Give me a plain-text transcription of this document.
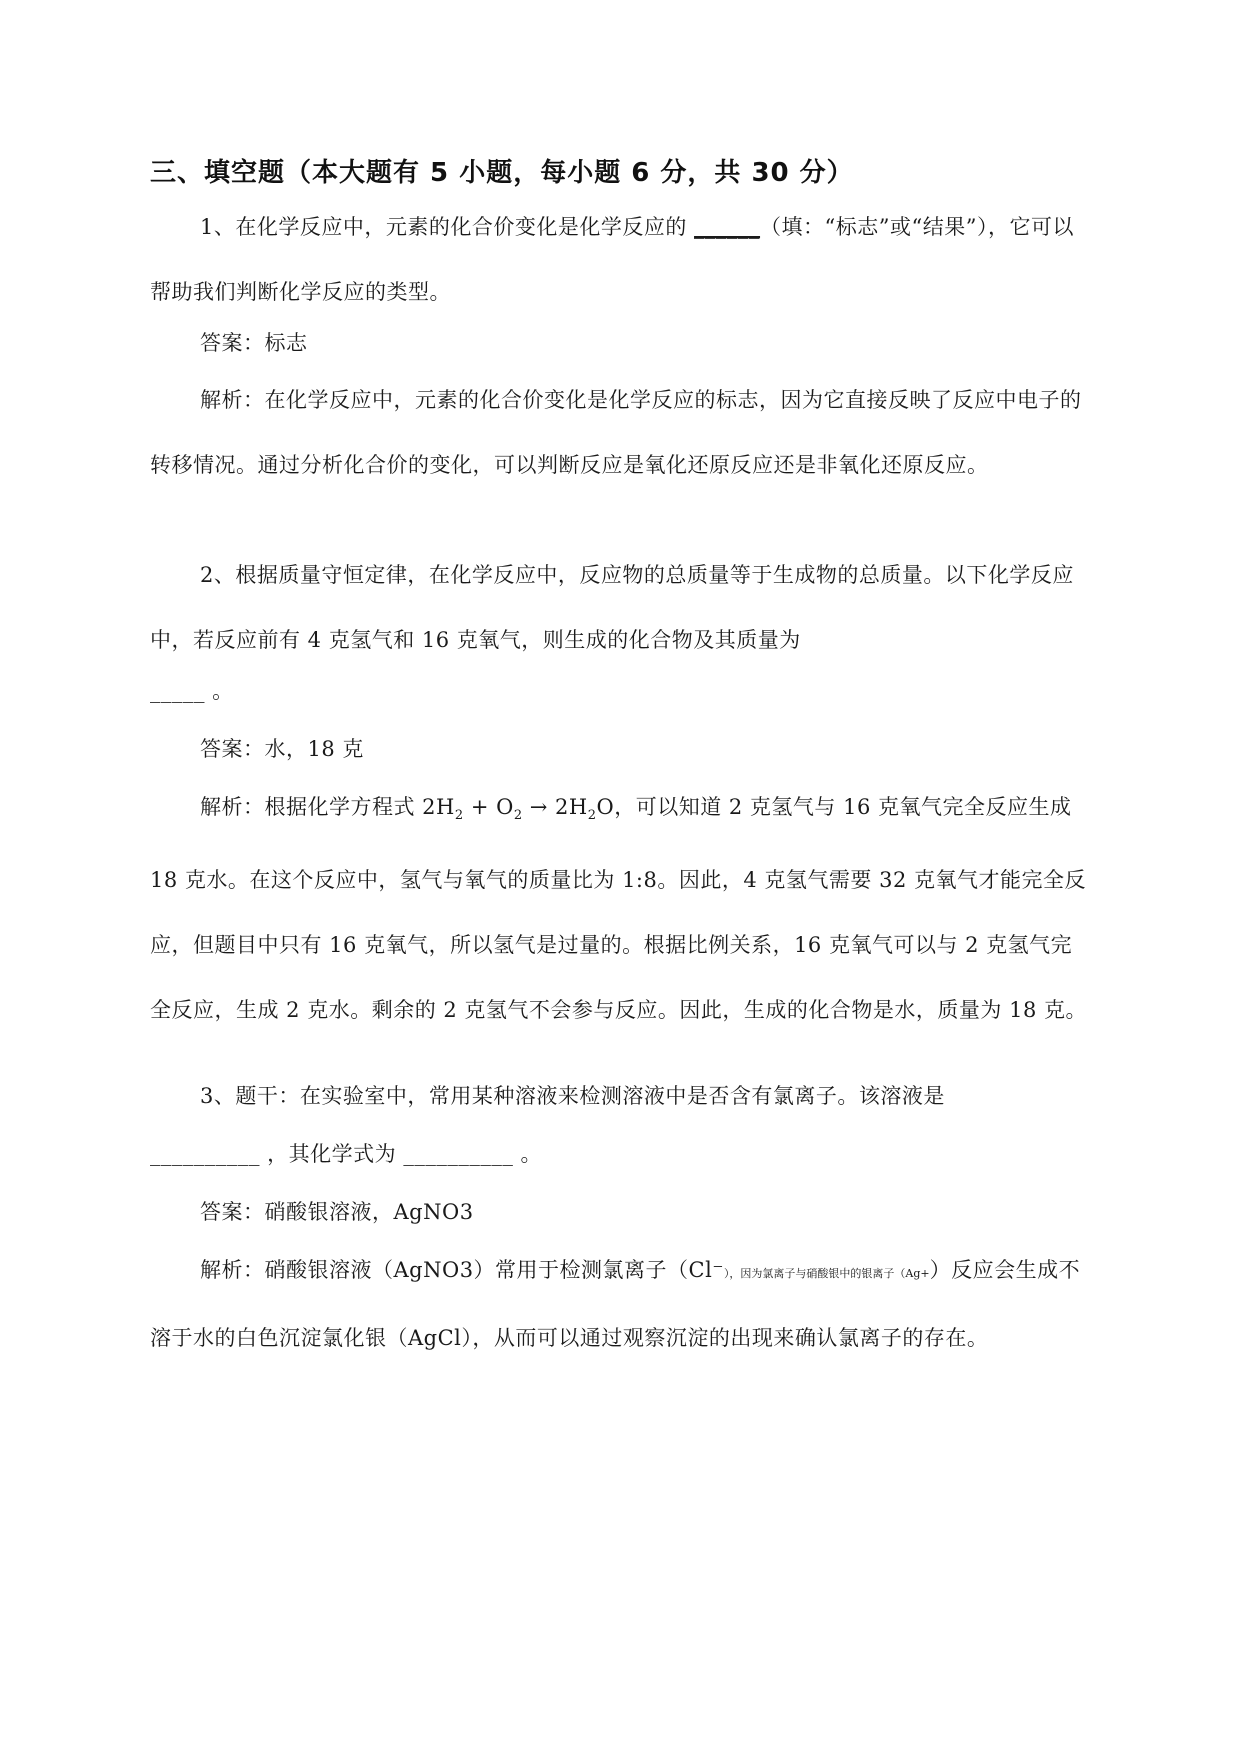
三、填空题（本大题有 5 小题，每小题 6 分，共 30 分）
1、在化学反应中，元素的化合价变化是化学反应的 ______（填：“标志”或“结果”），它可以帮助我们判断化学反应的类型。
答案：标志
解析：在化学反应中，元素的化合价变化是化学反应的标志，因为它直接反映了反应中电子的转移情况。通过分析化合价的变化，可以判断反应是氧化还原反应还是非氧化还原反应。
2、根据质量守恒定律，在化学反应中，反应物的总质量等于生成物的总质量。以下化学反应中，若反应前有 4 克氢气和 16 克氧气，则生成的化合物及其质量为
_____ 。
答案：水，18 克
解析：根据化学方程式 $2H_2 + O_2 \to 2H_2O$，可以知道 2 克氢气与 16 克氧气完全反应生成 18 克水。在这个反应中，氢气与氧气的质量比为 1:8。因此，4 克氢气需要 32 克氧气才能完全反应，但题目中只有 16 克氧气，所以氢气是过量的。根据比例关系，16 克氧气可以与 2 克氢气完全反应，生成 2 克水。剩余的 2 克氢气不会参与反应。因此，生成的化合物是水，质量为 18 克。
3、题干：在实验室中，常用某种溶液来检测溶液中是否含有氯离子。该溶液是
__________ ，其化学式为 __________ 。
答案：硝酸银溶液，AgNO3
解析：硝酸银溶液（AgNO3）常用于检测氯离子（Cl⁻），因为氯离子与硝酸银中的银离子（Ag+）反应会生成不溶于水的白色沉淀氯化银（AgCl），从而可以通过观察沉淀的出现来确认氯离子的存在。
